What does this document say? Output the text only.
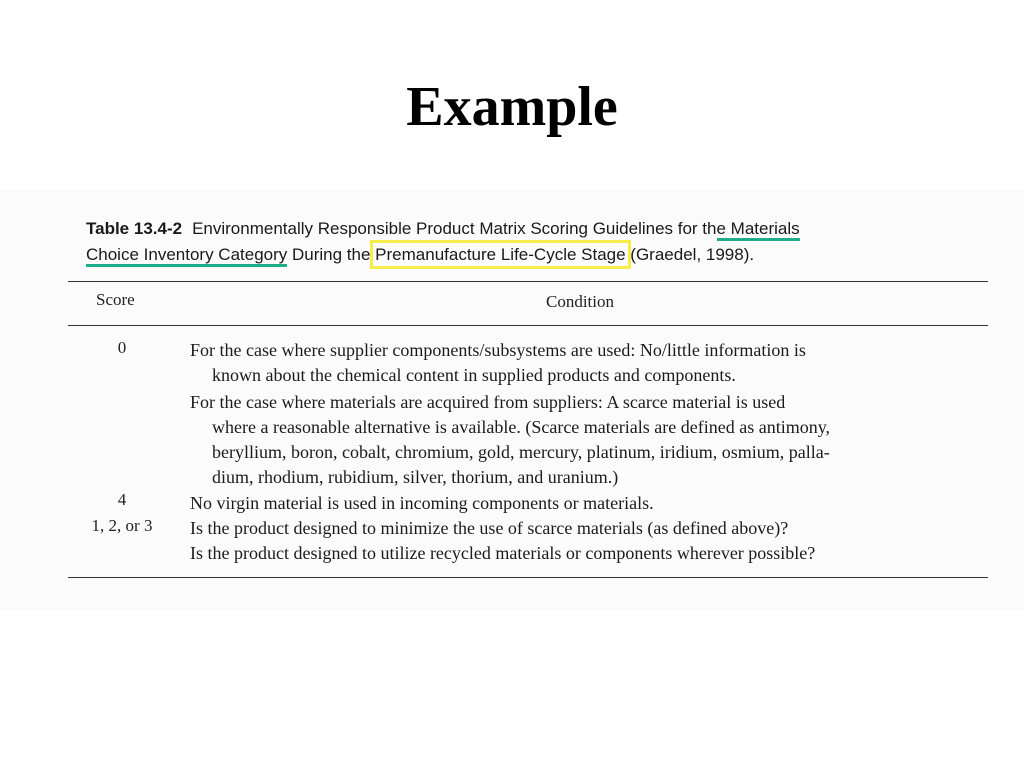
Example
Table 13.4-2 Environmentally Responsible Product Matrix Scoring Guidelines for the Materials
Choice Inventory Category During the Premanufacture Life-Cycle Stage (Graedel, 1998).
Score	Condition
0	For the case where supplier components/subsystems are used: No/little information is
known about the chemical content in supplied products and components.
For the case where materials are acquired from suppliers: A scarce material is used
where a reasonable alternative is available. (Scarce materials are defined as antimony,
beryllium, boron, cobalt, chromium, gold, mercury, platinum, iridium, osmium, palla-
dium, rhodium, rubidium, silver, thorium, and uranium.)
4	No virgin material is used in incoming components or materials.
1, 2, or 3	Is the product designed to minimize the use of scarce materials (as defined above)?
Is the product designed to utilize recycled materials or components wherever possible?
